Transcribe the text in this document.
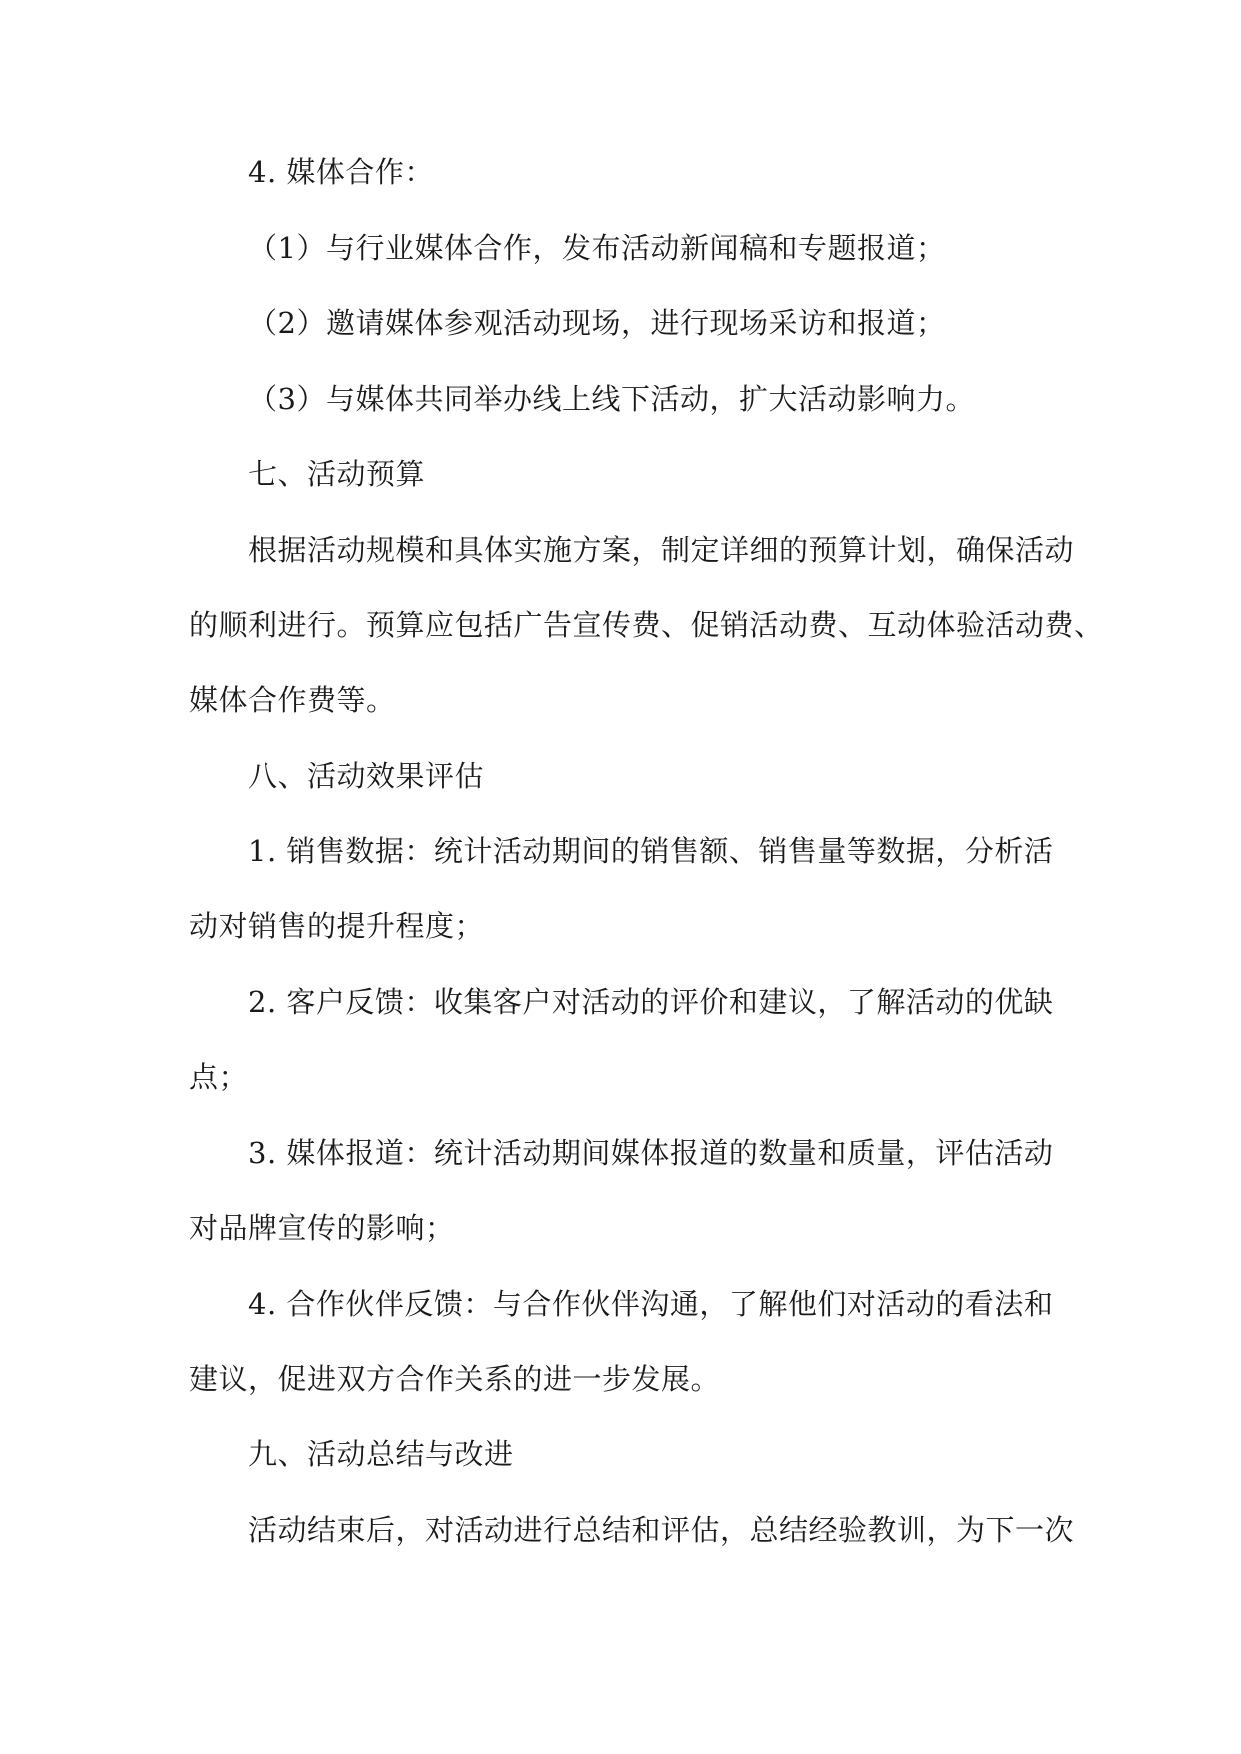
4. 媒体合作：
（1）与行业媒体合作，发布活动新闻稿和专题报道；
（2）邀请媒体参观活动现场，进行现场采访和报道；
（3）与媒体共同举办线上线下活动，扩大活动影响力。
七、活动预算
根据活动规模和具体实施方案，制定详细的预算计划，确保活动
的顺利进行。预算应包括广告宣传费、促销活动费、互动体验活动费、
媒体合作费等。
八、活动效果评估
1. 销售数据：统计活动期间的销售额、销售量等数据，分析活
动对销售的提升程度；
2. 客户反馈：收集客户对活动的评价和建议，了解活动的优缺
点；
3. 媒体报道：统计活动期间媒体报道的数量和质量，评估活动
对品牌宣传的影响；
4. 合作伙伴反馈：与合作伙伴沟通，了解他们对活动的看法和
建议，促进双方合作关系的进一步发展。
九、活动总结与改进
活动结束后，对活动进行总结和评估，总结经验教训，为下一次
